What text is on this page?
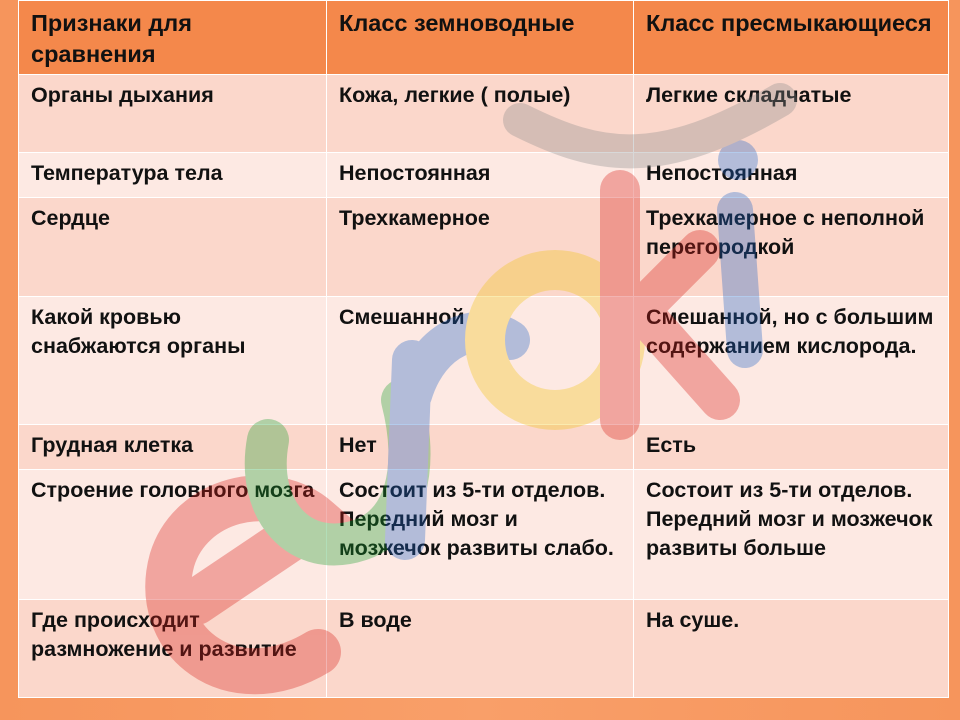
Признаки для сравнения	Класс земноводные	Класс пресмыкающиеся
Органы дыхания	Кожа, легкие ( полые)	Легкие складчатые
Температура тела	Непостоянная	Непостоянная
Сердце	Трехкамерное	Трехкамерное с неполной перегородкой
Какой кровью снабжаются органы	Смешанной	Смешанной, но с большим содержанием кислорода.
Грудная клетка	Нет	Есть
Строение головного мозга	Состоит из 5-ти отделов. Передний мозг и мозжечок развиты слабо.	Состоит из 5-ти отделов. Передний мозг и мозжечок развиты больше
Где происходит размножение и развитие	В воде	На суше.
